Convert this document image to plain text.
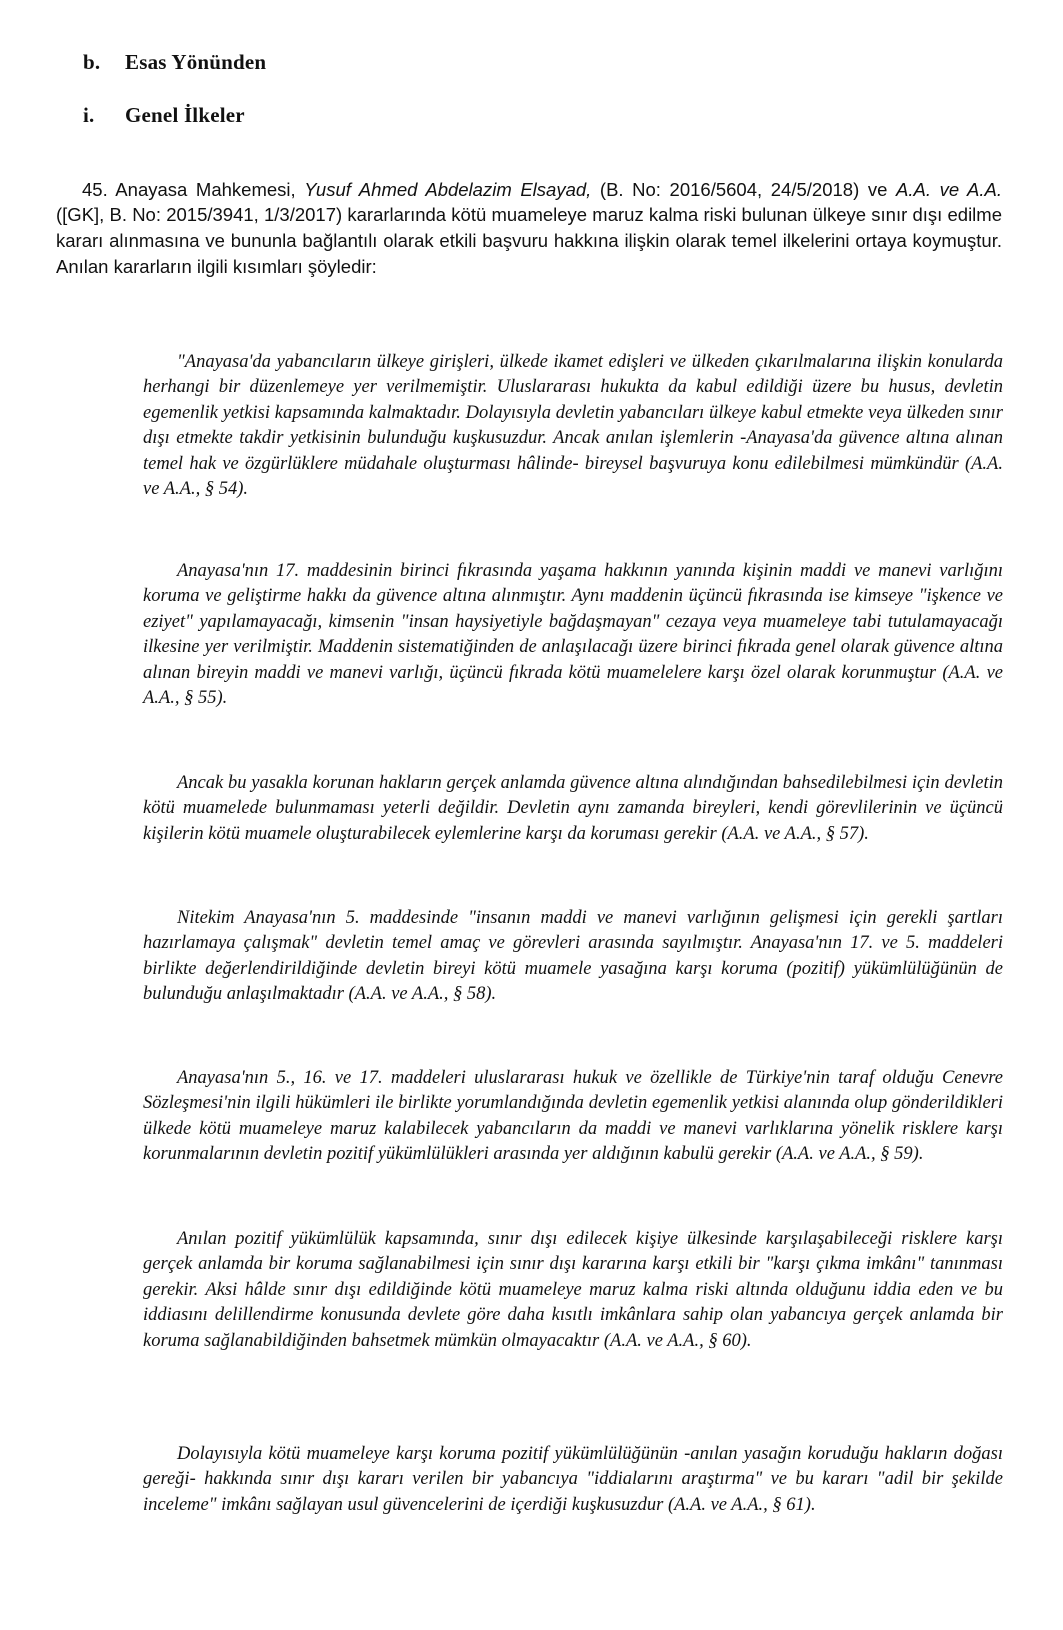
b. Esas Yönünden
i. Genel İlkeler

45. Anayasa Mahkemesi, Yusuf Ahmed Abdelazim Elsayad, (B. No: 2016/5604, 24/5/2018) ve A.A. ve A.A. ([GK], B. No: 2015/3941, 1/3/2017) kararlarında kötü muameleye maruz kalma riski bulunan ülkeye sınır dışı edilme kararı alınmasına ve bununla bağlantılı olarak etkili başvuru hakkına ilişkin olarak temel ilkelerini ortaya koymuştur. Anılan kararların ilgili kısımları şöyledir:

"Anayasa'da yabancıların ülkeye girişleri, ülkede ikamet edişleri ve ülkeden çıkarılmalarına ilişkin konularda herhangi bir düzenlemeye yer verilmemiştir. Uluslararası hukukta da kabul edildiği üzere bu husus, devletin egemenlik yetkisi kapsamında kalmaktadır. Dolayısıyla devletin yabancıları ülkeye kabul etmekte veya ülkeden sınır dışı etmekte takdir yetkisinin bulunduğu kuşkusuzdur. Ancak anılan işlemlerin -Anayasa'da güvence altına alınan temel hak ve özgürlüklere müdahale oluşturması hâlinde- bireysel başvuruya konu edilebilmesi mümkündür (A.A. ve A.A., § 54).

Anayasa'nın 17. maddesinin birinci fıkrasında yaşama hakkının yanında kişinin maddi ve manevi varlığını koruma ve geliştirme hakkı da güvence altına alınmıştır. Aynı maddenin üçüncü fıkrasında ise kimseye "işkence ve eziyet" yapılamayacağı, kimsenin "insan haysiyetiyle bağdaşmayan" cezaya veya muameleye tabi tutulamayacağı ilkesine yer verilmiştir. Maddenin sistematiğinden de anlaşılacağı üzere birinci fıkrada genel olarak güvence altına alınan bireyin maddi ve manevi varlığı, üçüncü fıkrada kötü muamelelere karşı özel olarak korunmuştur (A.A. ve A.A., § 55).

Ancak bu yasakla korunan hakların gerçek anlamda güvence altına alındığından bahsedilebilmesi için devletin kötü muamelede bulunmaması yeterli değildir. Devletin aynı zamanda bireyleri, kendi görevlilerinin ve üçüncü kişilerin kötü muamele oluşturabilecek eylemlerine karşı da koruması gerekir (A.A. ve A.A., § 57).

Nitekim Anayasa'nın 5. maddesinde "insanın maddi ve manevi varlığının gelişmesi için gerekli şartları hazırlamaya çalışmak" devletin temel amaç ve görevleri arasında sayılmıştır. Anayasa'nın 17. ve 5. maddeleri birlikte değerlendirildiğinde devletin bireyi kötü muamele yasağına karşı koruma (pozitif) yükümlülüğünün de bulunduğu anlaşılmaktadır (A.A. ve A.A., § 58).

Anayasa'nın 5., 16. ve 17. maddeleri uluslararası hukuk ve özellikle de Türkiye'nin taraf olduğu Cenevre Sözleşmesi'nin ilgili hükümleri ile birlikte yorumlandığında devletin egemenlik yetkisi alanında olup gönderildikleri ülkede kötü muameleye maruz kalabilecek yabancıların da maddi ve manevi varlıklarına yönelik risklere karşı korunmalarının devletin pozitif yükümlülükleri arasında yer aldığının kabulü gerekir (A.A. ve A.A., § 59).

Anılan pozitif yükümlülük kapsamında, sınır dışı edilecek kişiye ülkesinde karşılaşabileceği risklere karşı gerçek anlamda bir koruma sağlanabilmesi için sınır dışı kararına karşı etkili bir "karşı çıkma imkânı" tanınması gerekir. Aksi hâlde sınır dışı edildiğinde kötü muameleye maruz kalma riski altında olduğunu iddia eden ve bu iddiasını delillendirme konusunda devlete göre daha kısıtlı imkânlara sahip olan yabancıya gerçek anlamda bir koruma sağlanabildiğinden bahsetmek mümkün olmayacaktır (A.A. ve A.A., § 60).

Dolayısıyla kötü muameleye karşı koruma pozitif yükümlülüğünün -anılan yasağın koruduğu hakların doğası gereği- hakkında sınır dışı kararı verilen bir yabancıya "iddialarını araştırma" ve bu kararı "adil bir şekilde inceleme" imkânı sağlayan usul güvencelerini de içerdiği kuşkusuzdur (A.A. ve A.A., § 61).
